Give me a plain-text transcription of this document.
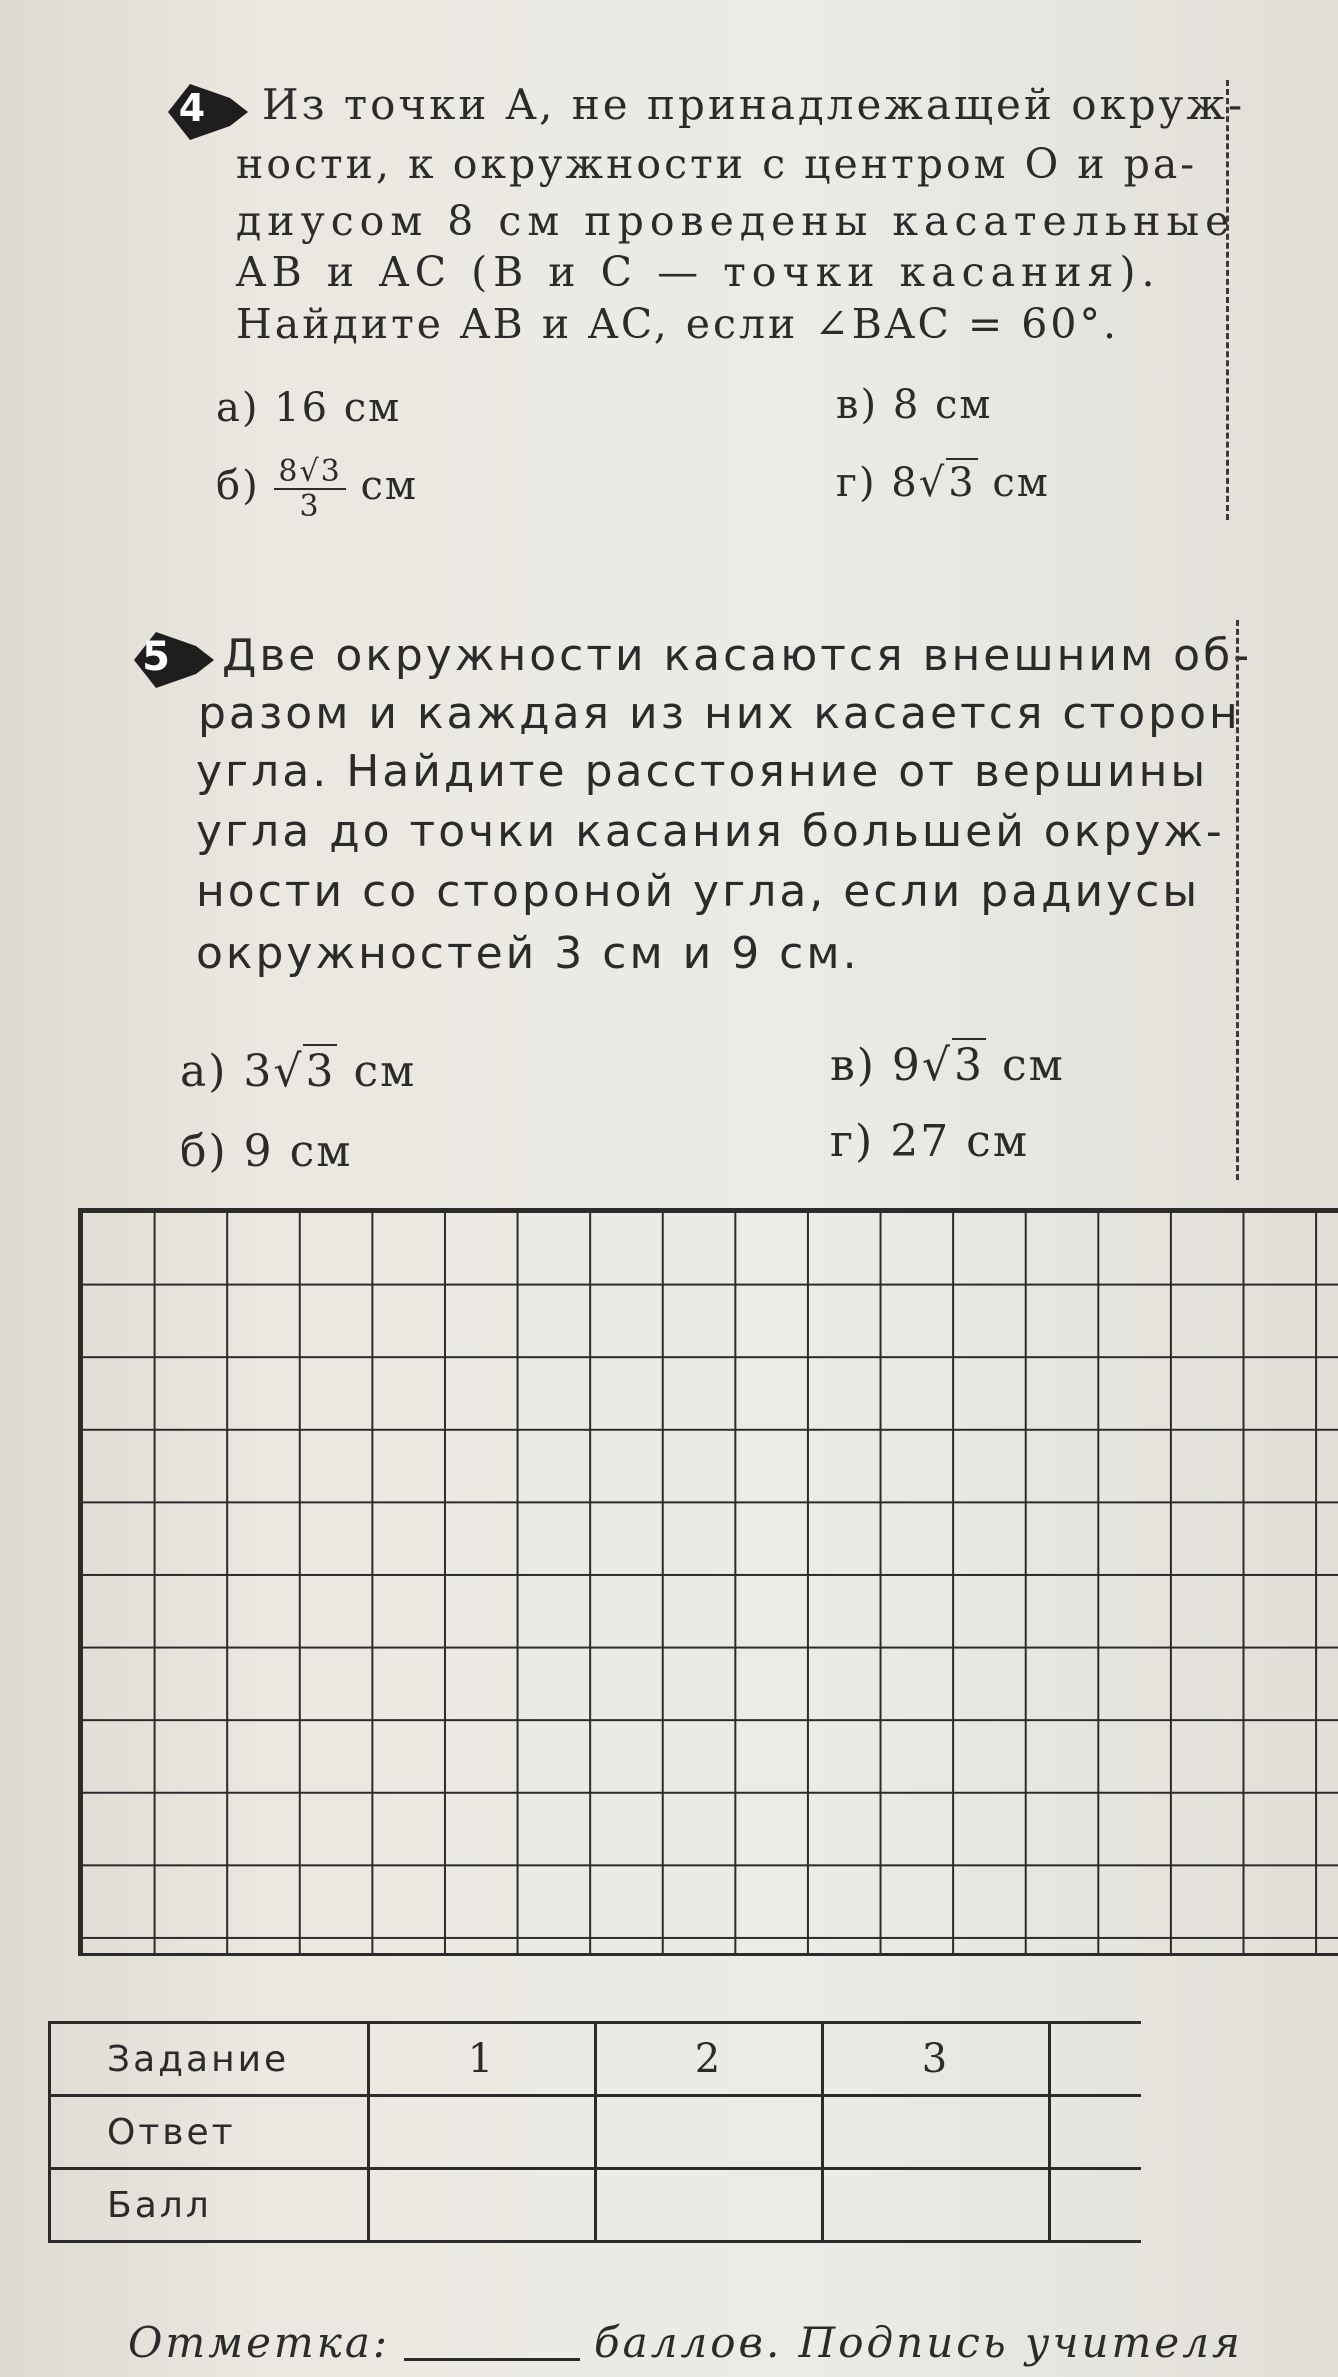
4 Из точки A, не принадлежащей окруж-
ности, к окружности с центром O и ра-
диусом 8 см проведены касательные
AB и AC (B и C — точки касания).
Найдите AB и AC, если ∠BAC = 60°.
а) 16 см
$б) \frac{8√3}{3}$ см
в) 8 см
г) 8√3 см
5 Две окружности касаются внешним об-
разом и каждая из них касается сторон
угла. Найдите расстояние от вершины
угла до точки касания большей окруж-
ности со стороной угла, если радиусы
окружностей 3 см и 9 см.
а) 3√3 см
б) 9 см
в) 9√3 см
г) 27 см
Задание	1	2	3	
Ответ				
Балл				
Отметка:	баллов. Подпись учителя
